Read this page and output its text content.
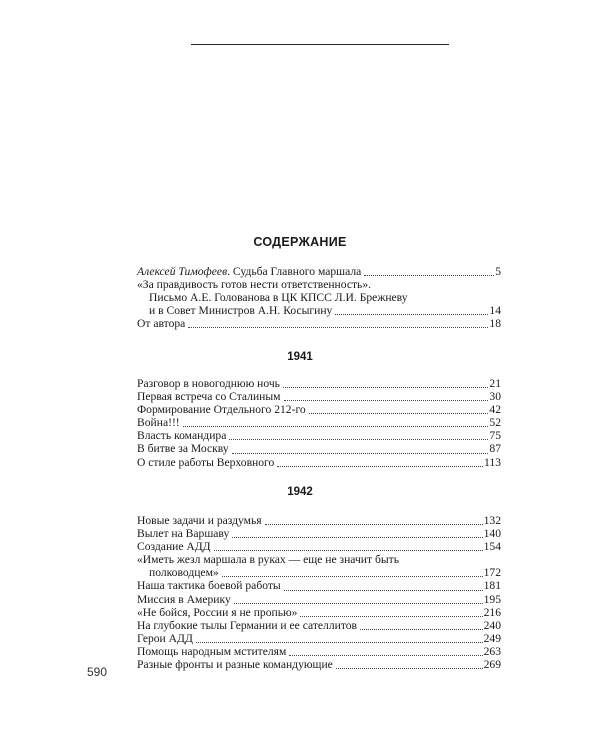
СОДЕРЖАНИЕ
Алексей Тимофеев. Судьба Главного маршала	5
«За правдивость готов нести ответственность».
Письмо А.Е. Голованова в ЦК КПСС Л.И. Брежневу
и в Совет Министров А.Н. Косыгину	14
От автора	18
1941
Разговор в новогоднюю ночь	21
Первая встреча со Сталиным	30
Формирование Отдельного 212-го	42
Война!!!	52
Власть командира	75
В битве за Москву	87
О стиле работы Верховного	113
1942
Новые задачи и раздумья	132
Вылет на Варшаву	140
Создание АДД	154
«Иметь жезл маршала в руках — еще не значит быть
полководцем»	172
Наша тактика боевой работы	181
Миссия в Америку	195
«Не бойся, России я не пропью»	216
На глубокие тылы Германии и ее сателлитов	240
Герои АДД	249
Помощь народным мстителям	263
Разные фронты и разные командующие	269
590
